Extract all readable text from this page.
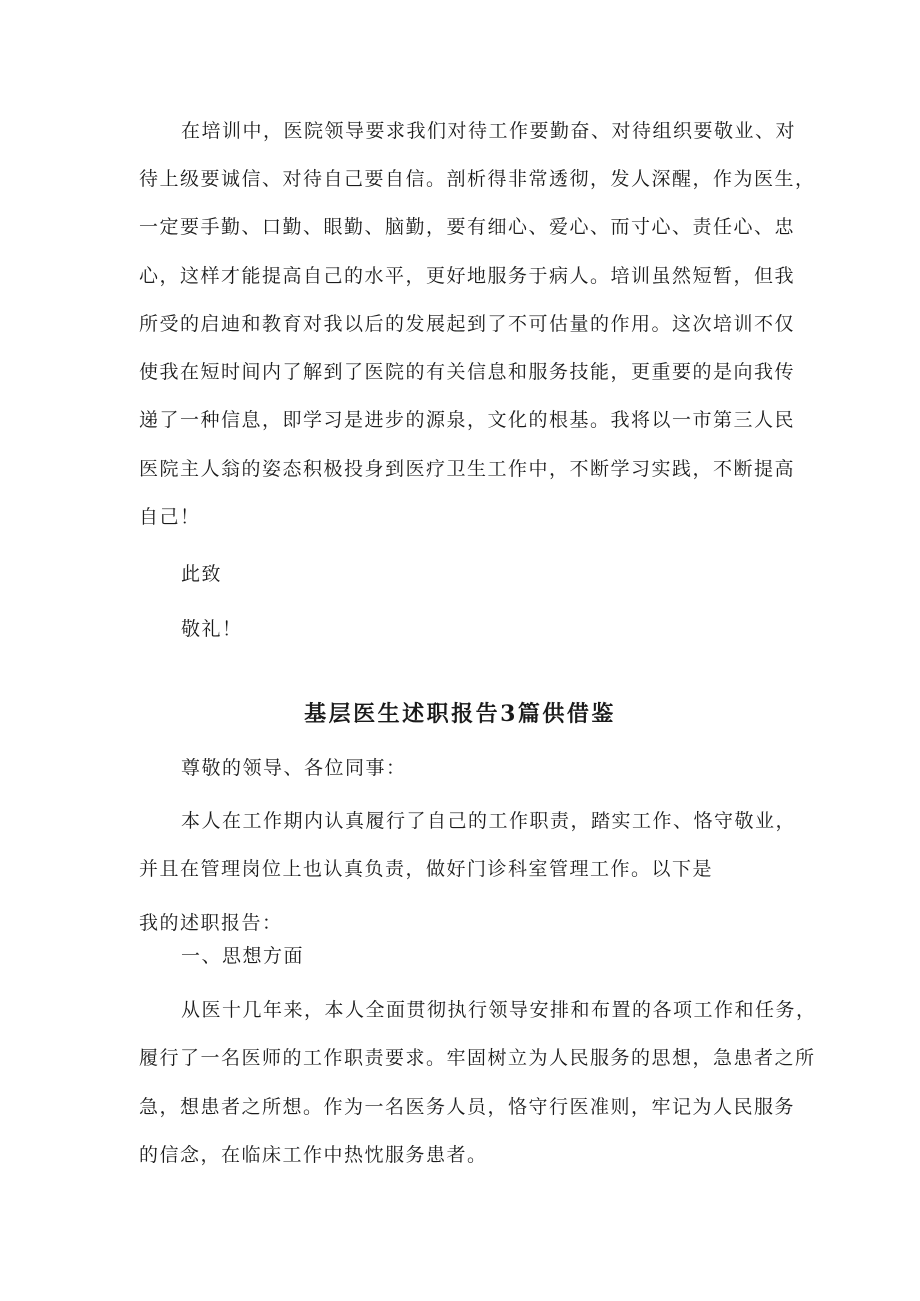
在培训中，医院领导要求我们对待工作要勤奋、对待组织要敬业、对

待上级要诚信、对待自己要自信。剖析得非常透彻，发人深醒，作为医生，

一定要手勤、口勤、眼勤、脑勤，要有细心、爱心、而寸心、责任心、忠

心，这样才能提高自己的水平，更好地服务于病人。培训虽然短暂，但我

所受的启迪和教育对我以后的发展起到了不可估量的作用。这次培训不仅

使我在短时间内了解到了医院的有关信息和服务技能，更重要的是向我传

递了一种信息，即学习是进步的源泉，文化的根基。我将以一市第三人民

医院主人翁的姿态积极投身到医疗卫生工作中，不断学习实践，不断提高

自己！

此致

敬礼！

基层医生述职报告3篇供借鉴

尊敬的领导、各位同事：

本人在工作期内认真履行了自己的工作职责，踏实工作、恪守敬业，

并且在管理岗位上也认真负责，做好门诊科室管理工作。以下是

我的述职报告：

一、思想方面

从医十几年来，本人全面贯彻执行领导安排和布置的各项工作和任务，

履行了一名医师的工作职责要求。牢固树立为人民服务的思想，急患者之所

急，想患者之所想。作为一名医务人员，恪守行医准则，牢记为人民服务

的信念，在临床工作中热忱服务患者。
